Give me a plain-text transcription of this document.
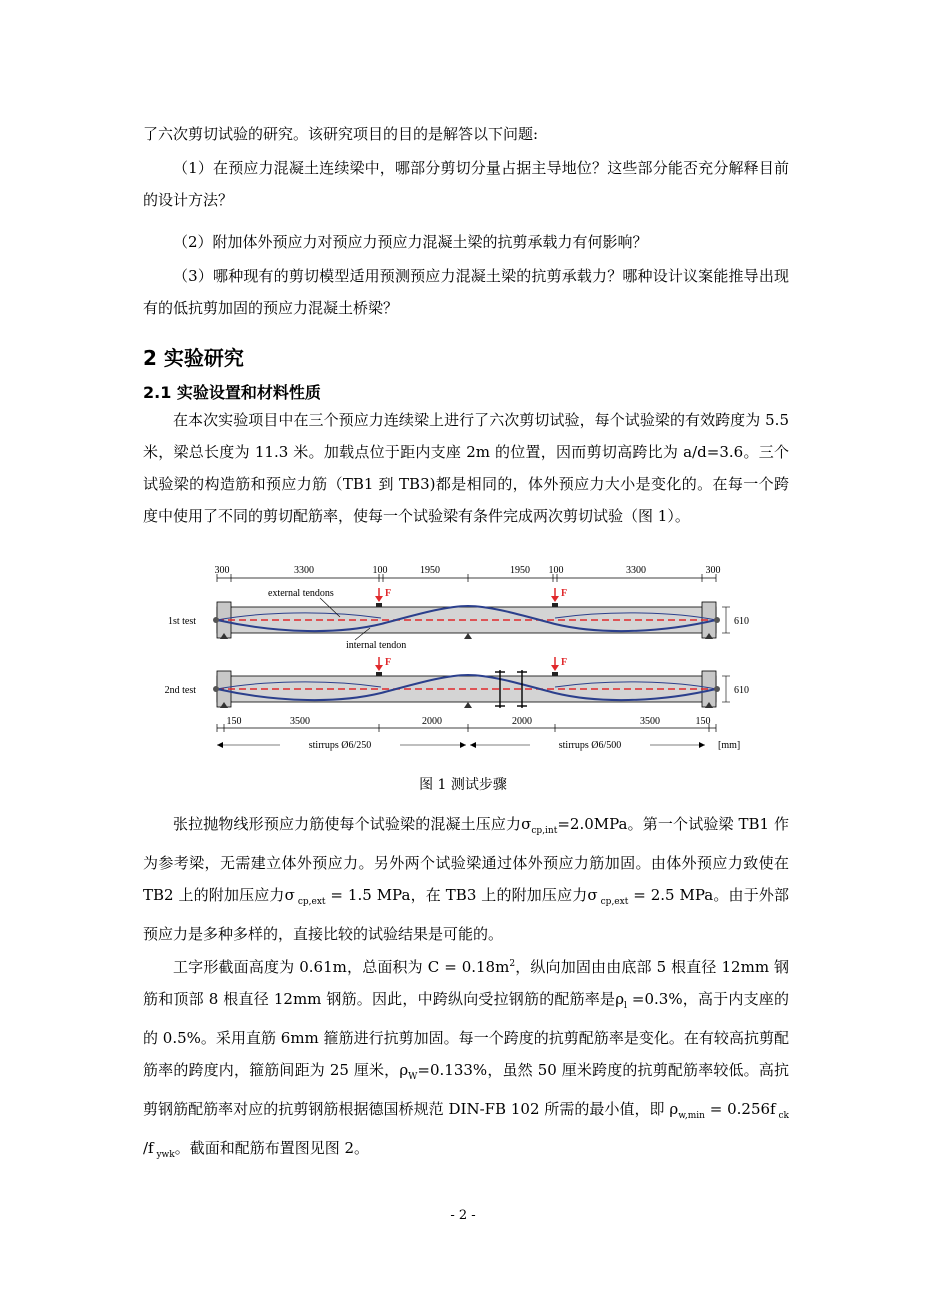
了六次剪切试验的研究。该研究项目的目的是解答以下问题:

（1）在预应力混凝土连续梁中，哪部分剪切分量占据主导地位？这些部分能否充分解释目前的设计方法？

（2）附加体外预应力对预应力预应力混凝土梁的抗剪承载力有何影响？

（3）哪种现有的剪切模型适用预测预应力混凝土梁的抗剪承载力？哪种设计议案能推导出现有的低抗剪加固的预应力混凝土桥梁？

2 实验研究
2.1 实验设置和材料性质

在本次实验项目中在三个预应力连续梁上进行了六次剪切试验，每个试验梁的有效跨度为 5.5 米，梁总长度为 11.3 米。加载点位于距内支座 2m 的位置，因而剪切高跨比为 a/d=3.6。三个试验梁的构造筋和预应力筋（TB1 到 TB3)都是相同的，体外预应力大小是变化的。在每一个跨度中使用了不同的剪切配筋率，使每一个试验梁有条件完成两次剪切试验（图 1）。

300	3300	100	1950	1950 100	3300	300
1st test
F	F
external tendons
internal tendon
610
2nd test
F	F
610
150	3500	2000	2000	3500	150
stirrups Ø6/250	stirrups Ø6/500	[mm]
图 1 测试步骤

张拉抛物线形预应力筋使每个试验梁的混凝土压应力$\sigma_{cp,int}=2.0MPa$。第一个试验梁 TB1 作为参考梁，无需建立体外预应力。另外两个试验梁通过体外预应力筋加固。由体外预应力致使在 TB2 上的附加压应力σ $_{cp,ext}$ = 1.5 MPa，在 TB3 上的附加压应力σ $_{cp,ext}$ = 2.5 MPa。由于外部预应力是多种多样的，直接比较的试验结果是可能的。

工字形截面高度为 0.61m，总面积为 $C = 0.18m^2$，纵向加固由由底部 5 根直径 12mm 钢筋和顶部 8 根直径 12mm 钢筋。因此，中跨纵向受拉钢筋的配筋率是$\rho_l =0.3\%$，高于内支座的的 0.5%。采用直筋 6mm 箍筋进行抗剪加固。每一个跨度的抗剪配筋率是变化。在有较高抗剪配筋率的跨度内，箍筋间距为 25 厘米，$\rho_W=0.133\%$，虽然 50 厘米跨度的抗剪配筋率较低。高抗剪钢筋配筋率对应的抗剪钢筋根据德国桥规范 DIN-FB 102 所需的最小值，即 $\rho_{w,min} = 0.256f$ $_{ck}$ /f $_{ywk}$。截面和配筋布置图见图 2。

- 2 -
